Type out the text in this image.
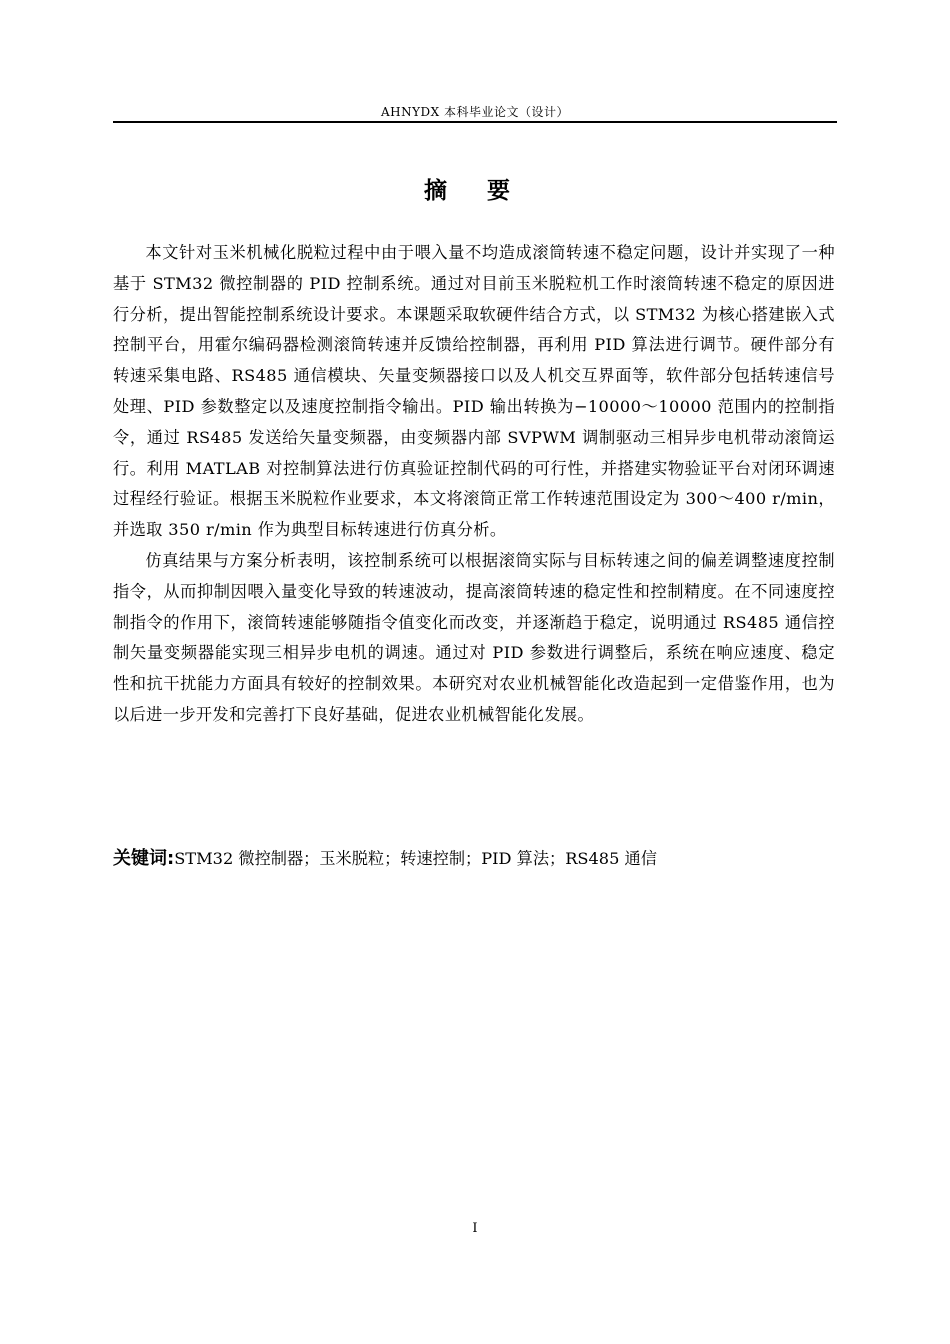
AHNYDX 本科毕业论文（设计）
摘 要

本文针对玉米机械化脱粒过程中由于喂入量不均造成滚筒转速不稳定问题，设计并实现了一种基于 STM32 微控制器的 PID 控制系统。通过对目前玉米脱粒机工作时滚筒转速不稳定的原因进行分析，提出智能控制系统设计要求。本课题采取软硬件结合方式，以 STM32 为核心搭建嵌入式控制平台，用霍尔编码器检测滚筒转速并反馈给控制器，再利用 PID 算法进行调节。硬件部分有转速采集电路、RS485 通信模块、矢量变频器接口以及人机交互界面等，软件部分包括转速信号处理、PID 参数整定以及速度控制指令输出。PID 输出转换为−10000～10000 范围内的控制指令，通过 RS485 发送给矢量变频器，由变频器内部 SVPWM 调制驱动三相异步电机带动滚筒运行。利用 MATLAB 对控制算法进行仿真验证控制代码的可行性，并搭建实物验证平台对闭环调速过程经行验证。根据玉米脱粒作业要求，本文将滚筒正常工作转速范围设定为 300～400 r/min，并选取 350 r/min 作为典型目标转速进行仿真分析。

仿真结果与方案分析表明，该控制系统可以根据滚筒实际与目标转速之间的偏差调整速度控制指令，从而抑制因喂入量变化导致的转速波动，提高滚筒转速的稳定性和控制精度。在不同速度控制指令的作用下，滚筒转速能够随指令值变化而改变，并逐渐趋于稳定，说明通过 RS485 通信控制矢量变频器能实现三相异步电机的调速。通过对 PID 参数进行调整后，系统在响应速度、稳定性和抗干扰能力方面具有较好的控制效果。本研究对农业机械智能化改造起到一定借鉴作用，也为以后进一步开发和完善打下良好基础，促进农业机械智能化发展。

关键词:STM32 微控制器；玉米脱粒；转速控制；PID 算法；RS485 通信
I
